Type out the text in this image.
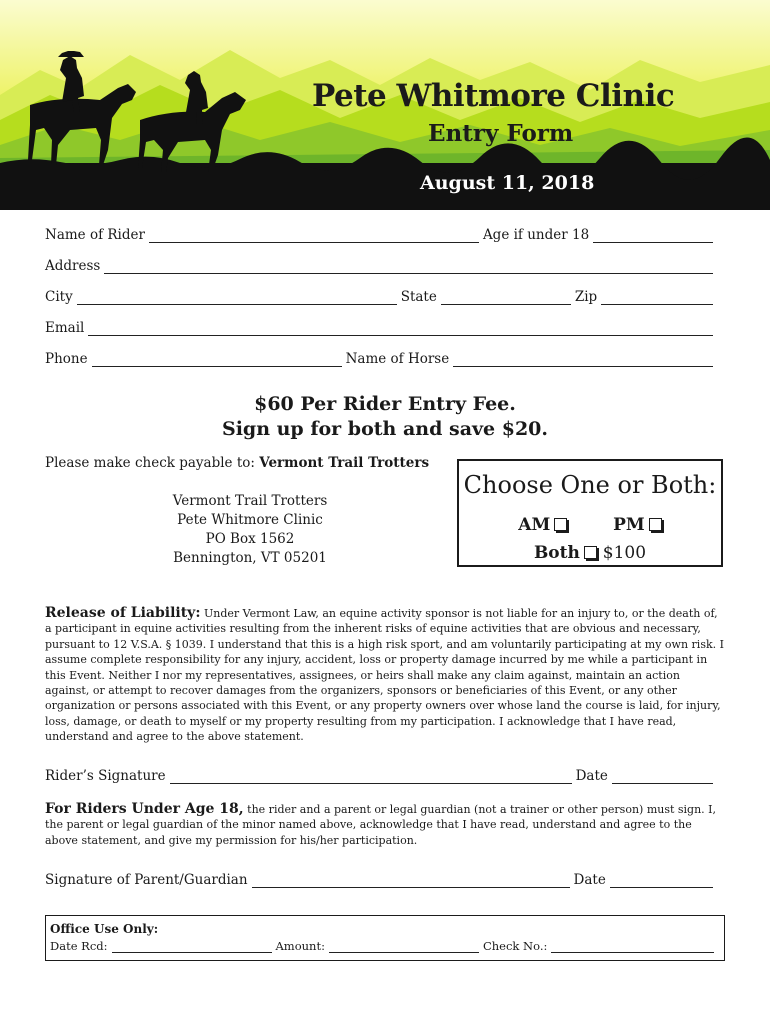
Pete Whitmore Clinic
Entry Form
August 11, 2018
Name of Rider	Age if under 18
Address
City	State	Zip
Email
Phone	Name of Horse
$60 Per Rider Entry Fee.
Sign up for both and save $20.
Please make check payable to: Vermont Trail Trotters
Vermont Trail Trotters
Pete Whitmore Clinic
PO Box 1562
Bennington, VT 05201
Choose One or Both:
AM	PM
Both $100
Release of Liability: Under Vermont Law, an equine activity sponsor is not liable for an injury to, or the death of, a participant in equine activities resulting from the inherent risks of equine activities that are obvious and necessary, pursuant to 12 V.S.A. § 1039. I understand that this is a high risk sport, and am voluntarily participating at my own risk. I assume complete responsibility for any injury, accident, loss or property damage incurred by me while a participant in this Event. Neither I nor my representatives, assignees, or heirs shall make any claim against, maintain an action against, or attempt to recover damages from the organizers, sponsors or beneficiaries of this Event, or any other organization or persons associated with this Event, or any property owners over whose land the course is laid, for injury, loss, damage, or death to myself or my property resulting from my participation. I acknowledge that I have read, understand and agree to the above statement.
Rider’s Signature	Date
For Riders Under Age 18, the rider and a parent or legal guardian (not a trainer or other person) must sign. I, the parent or legal guardian of the minor named above, acknowledge that I have read, understand and agree to the above statement, and give my permission for his/her participation.
Signature of Parent/Guardian	Date
Office Use Only:
Date Rcd:	Amount:	Check No.:
